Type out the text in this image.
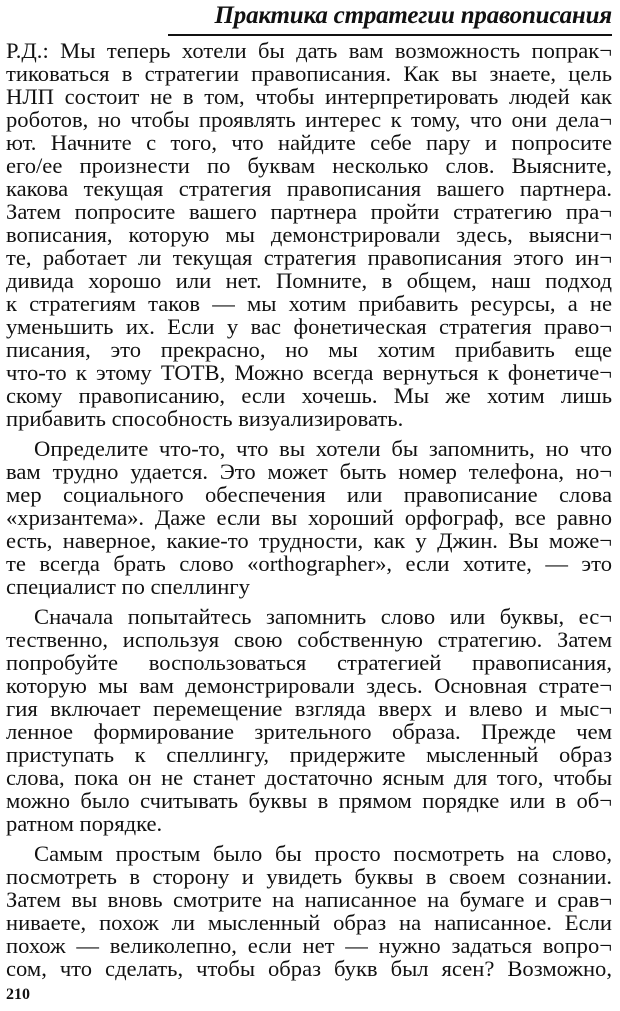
Практика стратегии правописания
Р.Д.: Мы теперь хотели бы дать вам возможность попрак¬
тиковаться в стратегии правописания. Как вы знаете, цель
НЛП состоит не в том, чтобы интерпретировать людей как
роботов, но чтобы проявлять интерес к тому, что они дела¬
ют. Начните с того, что найдите себе пару и попросите
его/ее произнести по буквам несколько слов. Выясните,
какова текущая стратегия правописания вашего партнера.
Затем попросите вашего партнера пройти стратегию пра¬
вописания, которую мы демонстрировали здесь, выясни¬
те, работает ли текущая стратегия правописания этого ин¬
дивида хорошо или нет. Помните, в общем, наш подход
к стратегиям таков — мы хотим прибавить ресурсы, а не
уменьшить их. Если у вас фонетическая стратегия право¬
писания, это прекрасно, но мы хотим прибавить еще
что-то к этому ТОТВ, Можно всегда вернуться к фонетиче¬
скому правописанию, если хочешь. Мы же хотим лишь
прибавить способность визуализировать.
Определите что-то, что вы хотели бы запомнить, но что
вам трудно удается. Это может быть номер телефона, но¬
мер социального обеспечения или правописание слова
«хризантема». Даже если вы хороший орфограф, все равно
есть, наверное, какие-то трудности, как у Джин. Вы може¬
те всегда брать слово «orthographer», если хотите, — это
специалист по спеллингу
Сначала попытайтесь запомнить слово или буквы, ес¬
тественно, используя свою собственную стратегию. Затем
попробуйте воспользоваться стратегией правописания,
которую мы вам демонстрировали здесь. Основная страте¬
гия включает перемещение взгляда вверх и влево и мыс¬
ленное формирование зрительного образа. Прежде чем
приступать к спеллингу, придержите мысленный образ
слова, пока он не станет достаточно ясным для того, чтобы
можно было считывать буквы в прямом порядке или в об¬
ратном порядке.
Самым простым было бы просто посмотреть на слово,
посмотреть в сторону и увидеть буквы в своем сознании.
Затем вы вновь смотрите на написанное на бумаге и срав¬
ниваете, похож ли мысленный образ на написанное. Если
похож — великолепно, если нет — нужно задаться вопро¬
сом, что сделать, чтобы образ букв был ясен? Возможно,
210
